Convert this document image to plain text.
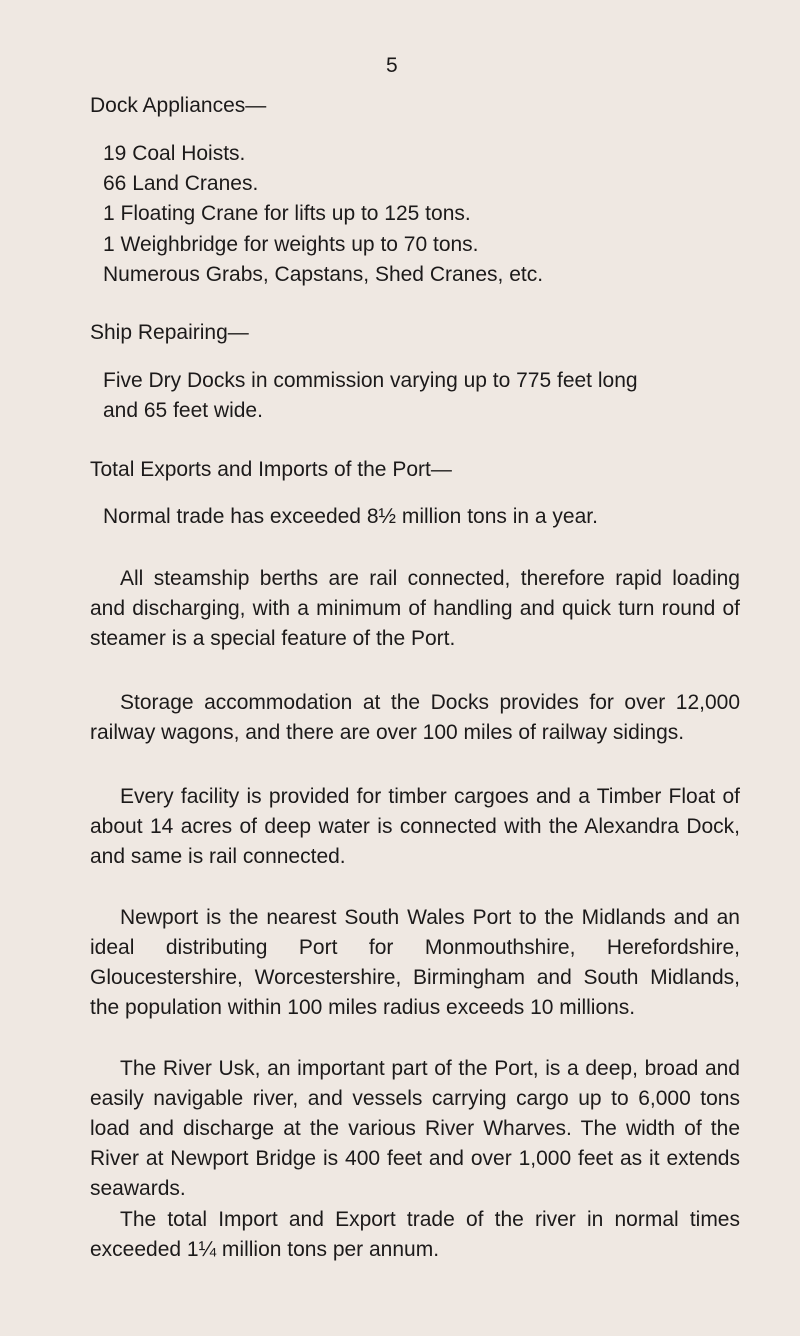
5
Dock Appliances—
19 Coal Hoists.
66 Land Cranes.
1 Floating Crane for lifts up to 125 tons.
1 Weighbridge for weights up to 70 tons.
Numerous Grabs, Capstans, Shed Cranes, etc.
Ship Repairing—
Five Dry Docks in commission varying up to 775 feet long
and 65 feet wide.
Total Exports and Imports of the Port—
Normal trade has exceeded 8½ million tons in a year.

All steamship berths are rail connected, therefore rapid loading and discharging, with a minimum of handling and quick turn round of steamer is a special feature of the Port.

Storage accommodation at the Docks provides for over 12,000 railway wagons, and there are over 100 miles of railway sidings.

Every facility is provided for timber cargoes and a Timber Float of about 14 acres of deep water is connected with the Alexandra Dock, and same is rail connected.

Newport is the nearest South Wales Port to the Midlands and an ideal distributing Port for Monmouthshire, Herefordshire, Gloucestershire, Worcestershire, Birmingham and South Midlands, the population within 100 miles radius exceeds 10 millions.

The River Usk, an important part of the Port, is a deep, broad and easily navigable river, and vessels carrying cargo up to 6,000 tons load and discharge at the various River Wharves. The width of the River at Newport Bridge is 400 feet and over 1,000 feet as it extends seawards.

The total Import and Export trade of the river in normal times exceeded 1¼ million tons per annum.
